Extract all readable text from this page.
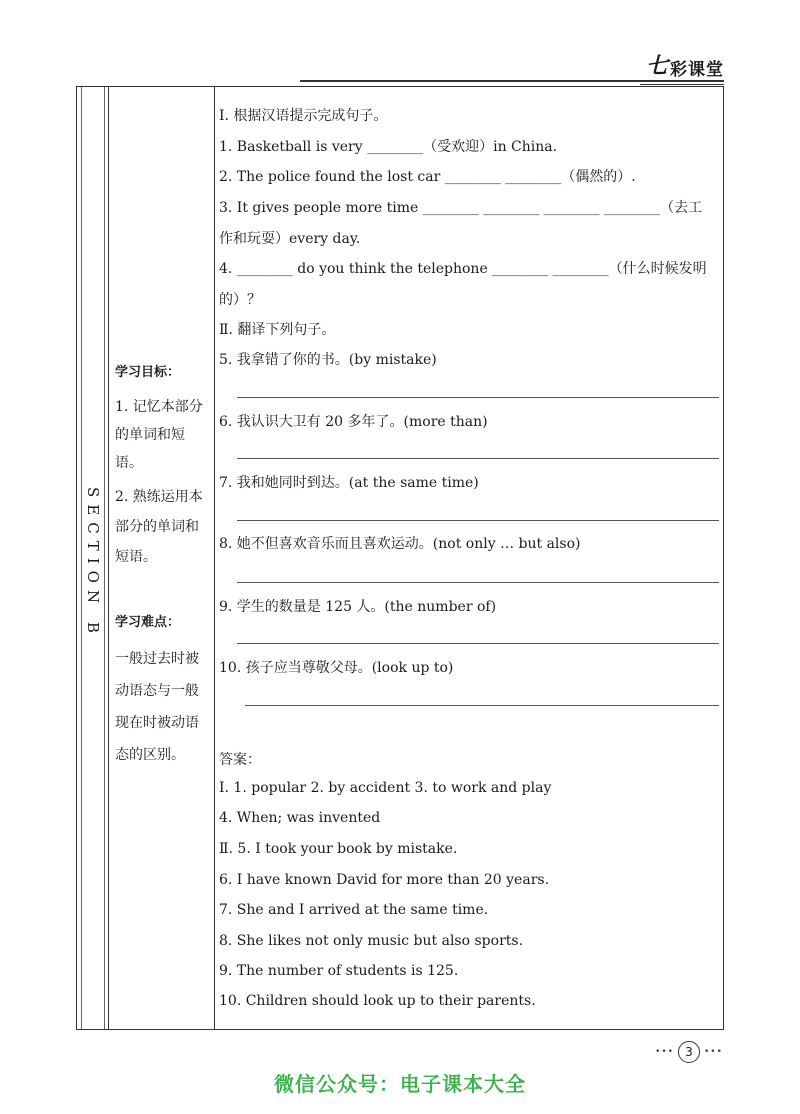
七 彩课堂
SECTION B
学习目标：
1. 记忆本部分
的单词和短语。
2. 熟练运用本
部分的单词和
短语。
学习难点：
一般过去时被
动语态与一般
现在时被动语
态的区别。
Ⅰ. 根据汉语提示完成句子。
1. Basketball is very ________（受欢迎）in China.
2. The police found the lost car ________ ________（偶然的）.
3. It gives people more time ________ ________ ________ ________（去工
作和玩耍）every day.
4. ________ do you think the telephone ________ ________（什么时候发明
的）？
Ⅱ. 翻译下列句子。
5. 我拿错了你的书。(by mistake)
6. 我认识大卫有 20 多年了。(more than)
7. 我和她同时到达。(at the same time)
8. 她不但喜欢音乐而且喜欢运动。(not only … but also)
9. 学生的数量是 125 人。(the number of)
10. 孩子应当尊敬父母。(look up to)
答案：
Ⅰ. 1. popular 2. by accident 3. to work and play
4. When; was invented
Ⅱ. 5. I took your book by mistake.
6. I have known David for more than 20 years.
7. She and I arrived at the same time.
8. She likes not only music but also sports.
9. The number of students is 125.
10. Children should look up to their parents.
••• 3	•••
微信公众号：电子课本大全
